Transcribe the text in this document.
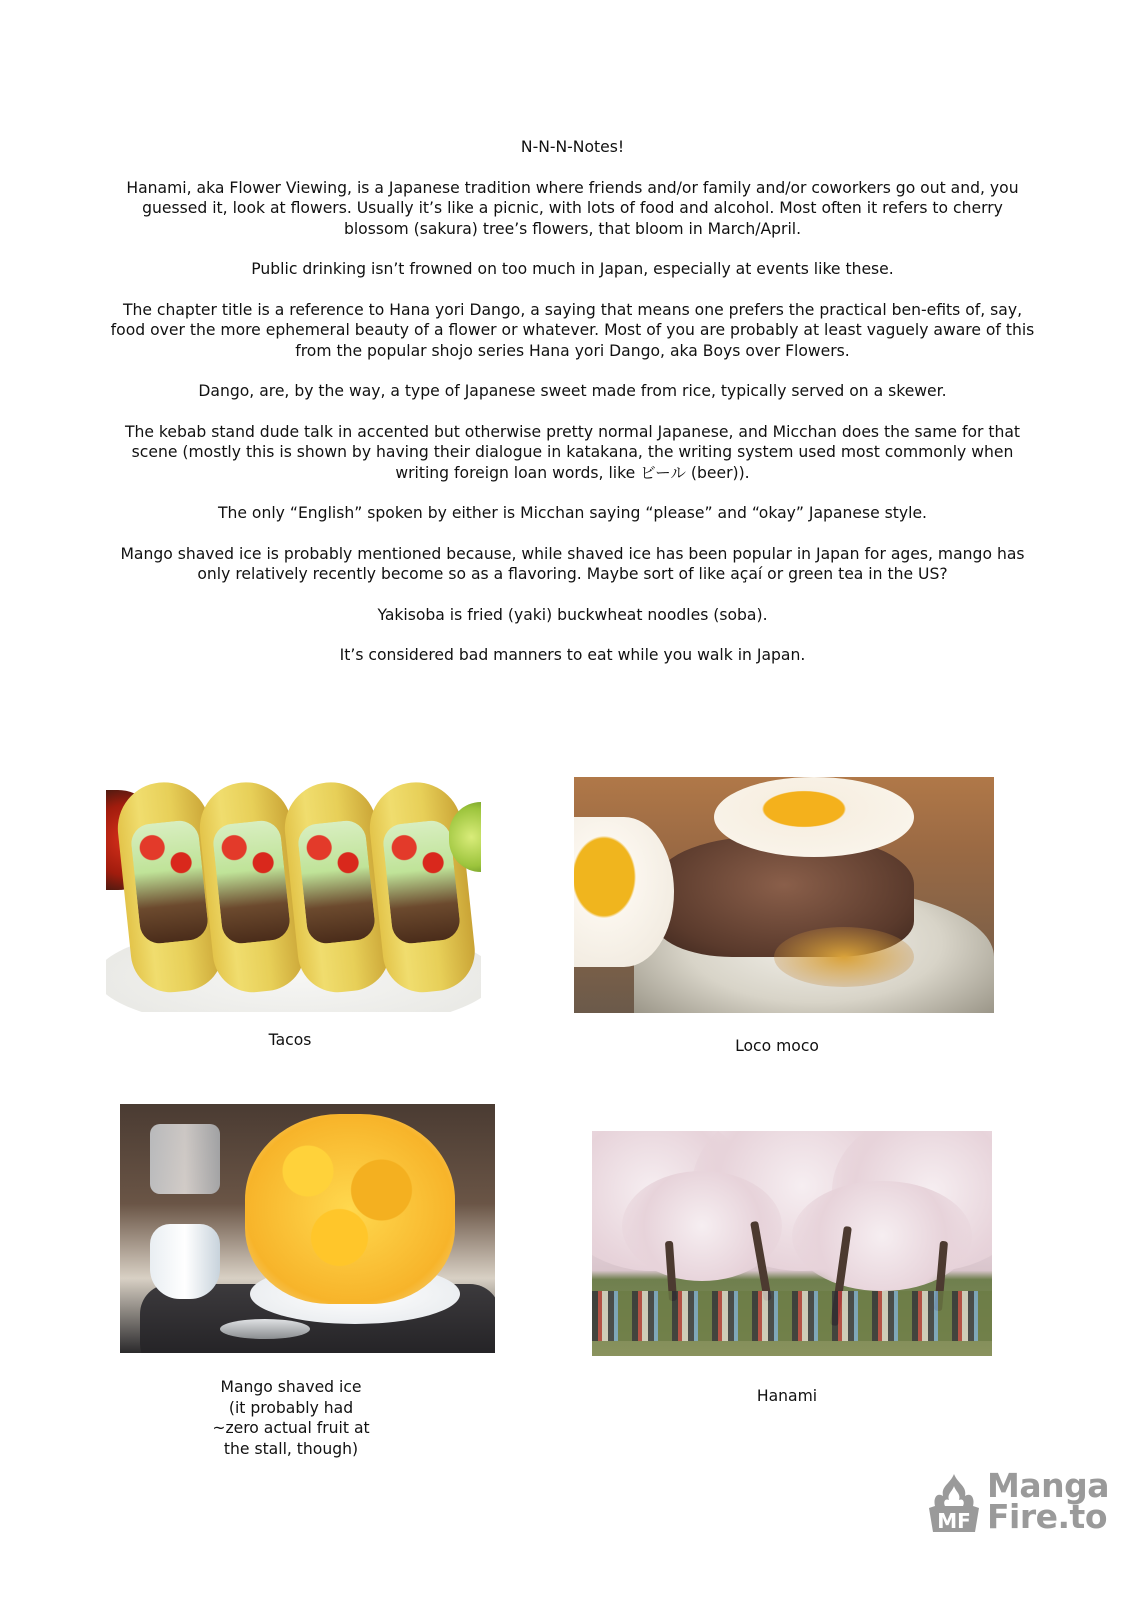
N-N-N-Notes!

Hanami, aka Flower Viewing, is a Japanese tradition where friends and/or family and/or coworkers go out and, you guessed it, look at flowers. Usually it’s like a picnic, with lots of food and alcohol. Most often it refers to cherry blossom (sakura) tree’s flowers, that bloom in March/April.

Public drinking isn’t frowned on too much in Japan, especially at events like these.

The chapter title is a reference to Hana yori Dango, a saying that means one prefers the practical ben-efits of, say, food over the more ephemeral beauty of a flower or whatever. Most of you are probably at least vaguely aware of this from the popular shojo series Hana yori Dango, aka Boys over Flowers.

Dango, are, by the way, a type of Japanese sweet made from rice, typically served on a skewer.

The kebab stand dude talk in accented but otherwise pretty normal Japanese, and Micchan does the same for that scene (mostly this is shown by having their dialogue in katakana, the writing system used most commonly when writing foreign loan words, like ビール (beer)).

The only “English” spoken by either is Micchan saying “please” and “okay” Japanese style.

Mango shaved ice is probably mentioned because, while shaved ice has been popular in Japan for ages, mango has only relatively recently become so as a flavoring. Maybe sort of like açaí or green tea in the US?

Yakisoba is fried (yaki) buckwheat noodles (soba).

It’s considered bad manners to eat while you walk in Japan.

Tacos	Loco moco
Mango shaved ice
(it probably had
~zero actual fruit at
the stall, though)
Hanami
MF
Manga
Fire.to
